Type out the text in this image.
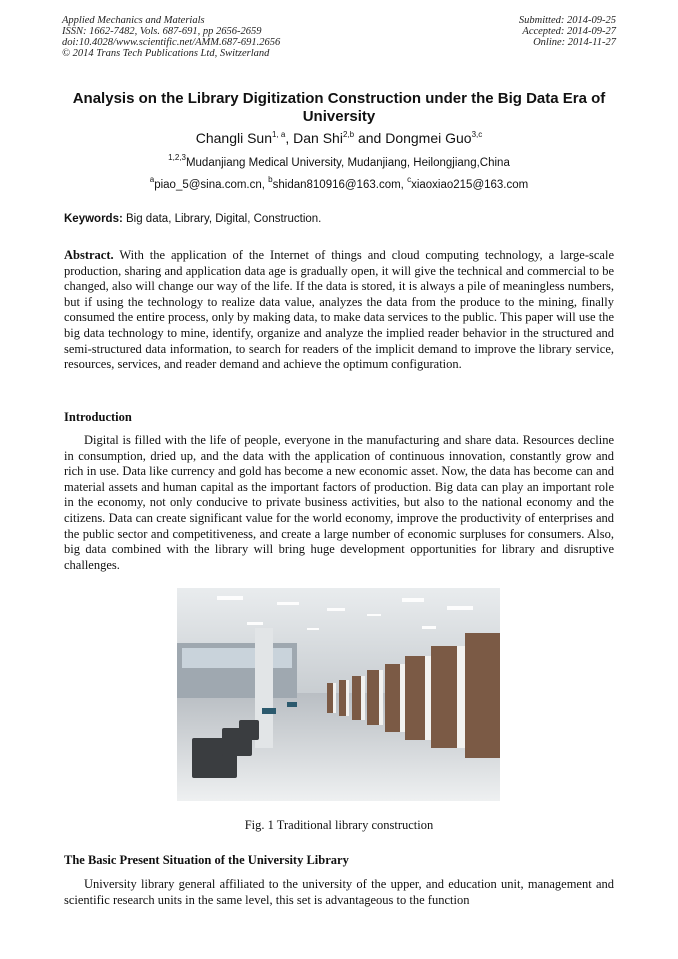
Applied Mechanics and Materials
ISSN: 1662-7482, Vols. 687-691, pp 2656-2659
doi:10.4028/www.scientific.net/AMM.687-691.2656
© 2014 Trans Tech Publications Ltd, Switzerland
Submitted: 2014-09-25
Accepted: 2014-09-27
Online: 2014-11-27
Analysis on the Library Digitization Construction under the Big Data Era of University
Changli Sun$^{1, a}$, Dan Shi$^{2,b}$ and Dongmei Guo$^{3,c}$
$^{1,2,3}$Mudanjiang Medical University, Mudanjiang, Heilongjiang,China
$^a$piao_5@sina.com.cn, $^b$shidan810916@163.com, $^c$xiaoxiao215@163.com
Keywords: Big data, Library, Digital, Construction.
Abstract. With the application of the Internet of things and cloud computing technology, a large-scale production, sharing and application data age is gradually open, it will give the technical and commercial to be changed, also will change our way of the life. If the data is stored, it is always a pile of meaningless numbers, but if using the technology to realize data value, analyzes the data from the produce to the mining, finally consumed the entire process, only by making data, to make data services to the public. This paper will use the big data technology to mine, identify, organize and analyze the implied reader behavior in the structured and semi-structured data information, to search for readers of the implicit demand to improve the library service, resources, services, and reader demand and achieve the optimum configuration.
Introduction
Digital is filled with the life of people, everyone in the manufacturing and share data. Resources decline in consumption, dried up, and the data with the application of continuous innovation, constantly grow and rich in use. Data like currency and gold has become a new economic asset. Now, the data has become can and material assets and human capital as the important factors of production. Big data can play an important role in the economy, not only conducive to private business activities, but also to the national economy and the citizens. Data can create significant value for the world economy, improve the productivity of enterprises and the public sector and competitiveness, and create a large number of economic surpluses for consumers. Also, big data combined with the library will bring huge development opportunities for library and disruptive challenges.
Fig. 1 Traditional library construction
The Basic Present Situation of the University Library
University library general affiliated to the university of the upper, and education unit, management and scientific research units in the same level, this set is advantageous to the function
